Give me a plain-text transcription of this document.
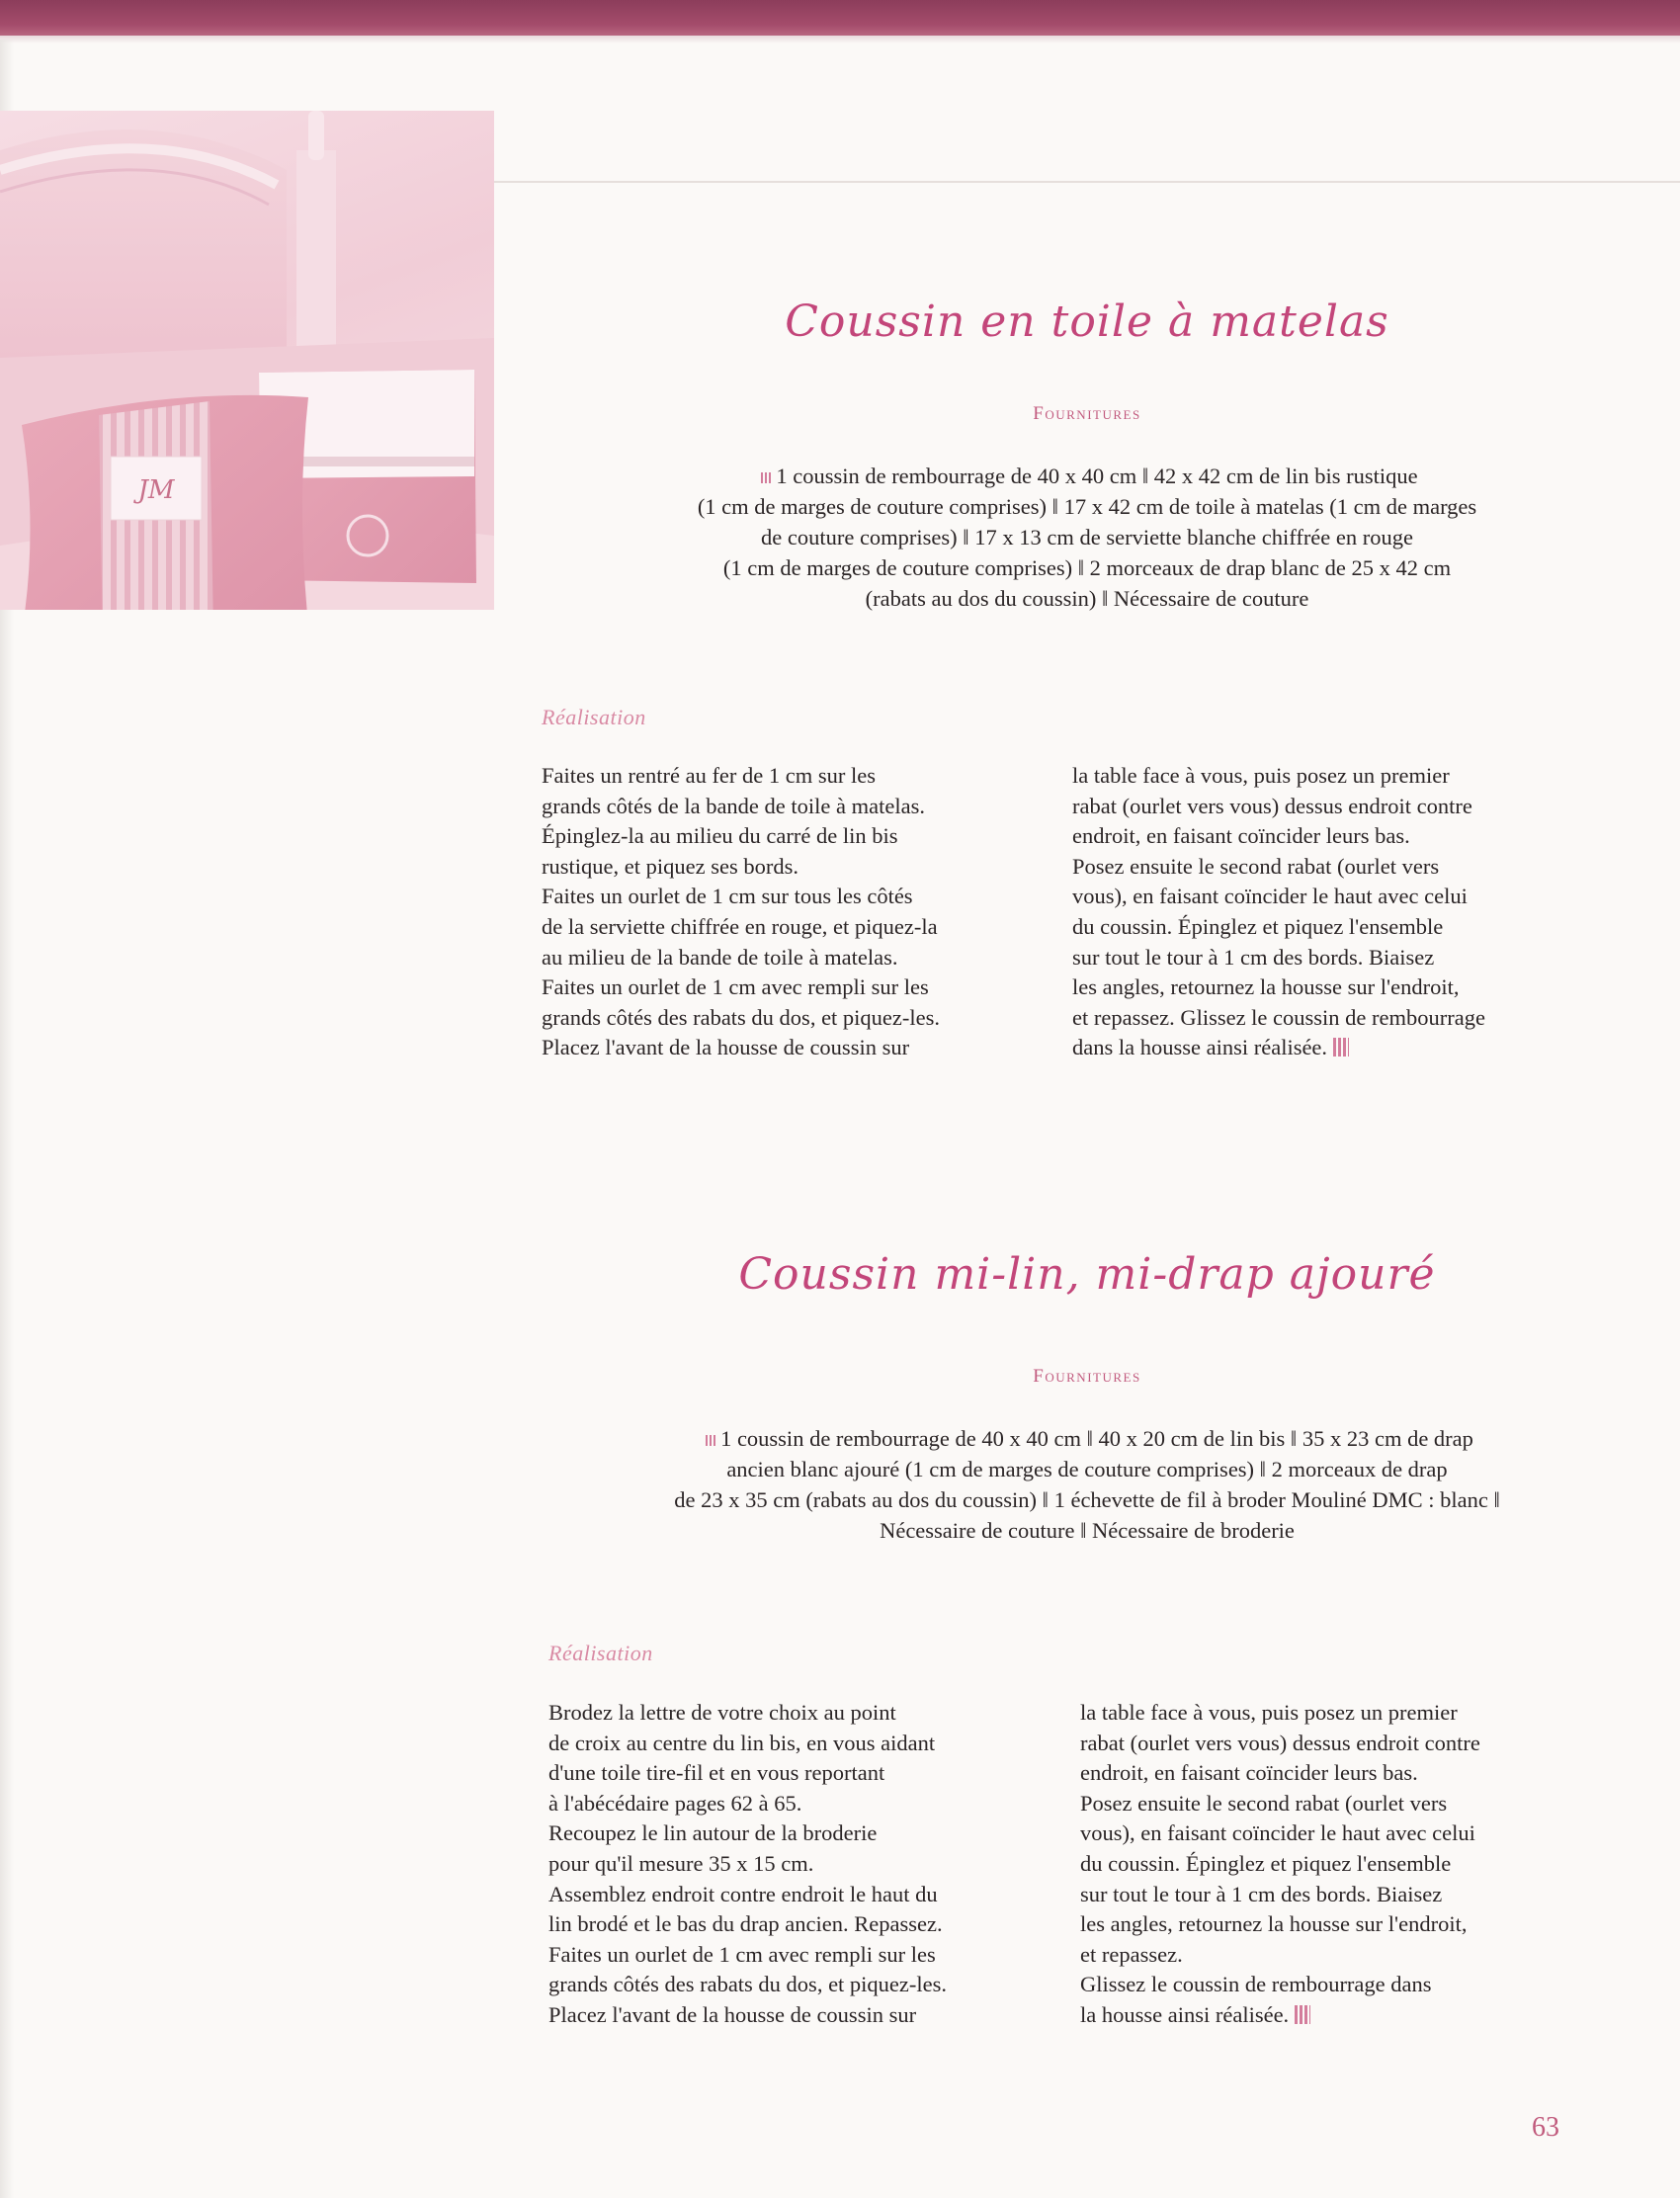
JM
Coussin en toile à matelas
Fournitures
1 coussin de rembourrage de 40 x 40 cm ‖ 42 x 42 cm de lin bis rustique
(1 cm de marges de couture comprises) ‖ 17 x 42 cm de toile à matelas (1 cm de marges
de couture comprises) ‖ 17 x 13 cm de serviette blanche chiffrée en rouge
(1 cm de marges de couture comprises) ‖ 2 morceaux de drap blanc de 25 x 42 cm
(rabats au dos du coussin) ‖ Nécessaire de couture
Réalisation
Faites un rentré au fer de 1 cm sur les
grands côtés de la bande de toile à matelas.
Épinglez-la au milieu du carré de lin bis
rustique, et piquez ses bords.
Faites un ourlet de 1 cm sur tous les côtés
de la serviette chiffrée en rouge, et piquez-la
au milieu de la bande de toile à matelas.
Faites un ourlet de 1 cm avec rempli sur les
grands côtés des rabats du dos, et piquez-les.
Placez l'avant de la housse de coussin sur
la table face à vous, puis posez un premier
rabat (ourlet vers vous) dessus endroit contre
endroit, en faisant coïncider leurs bas.
Posez ensuite le second rabat (ourlet vers
vous), en faisant coïncider le haut avec celui
du coussin. Épinglez et piquez l'ensemble
sur tout le tour à 1 cm des bords. Biaisez
les angles, retournez la housse sur l'endroit,
et repassez. Glissez le coussin de rembourrage
dans la housse ainsi réalisée.
Coussin mi-lin, mi-drap ajouré
Fournitures
1 coussin de rembourrage de 40 x 40 cm ‖ 40 x 20 cm de lin bis ‖ 35 x 23 cm de drap
ancien blanc ajouré (1 cm de marges de couture comprises) ‖ 2 morceaux de drap
de 23 x 35 cm (rabats au dos du coussin) ‖ 1 échevette de fil à broder Mouliné DMC : blanc ‖
Nécessaire de couture ‖ Nécessaire de broderie
Réalisation
Brodez la lettre de votre choix au point
de croix au centre du lin bis, en vous aidant
d'une toile tire-fil et en vous reportant
à l'abécédaire pages 62 à 65.
Recoupez le lin autour de la broderie
pour qu'il mesure 35 x 15 cm.
Assemblez endroit contre endroit le haut du
lin brodé et le bas du drap ancien. Repassez.
Faites un ourlet de 1 cm avec rempli sur les
grands côtés des rabats du dos, et piquez-les.
Placez l'avant de la housse de coussin sur
la table face à vous, puis posez un premier
rabat (ourlet vers vous) dessus endroit contre
endroit, en faisant coïncider leurs bas.
Posez ensuite le second rabat (ourlet vers
vous), en faisant coïncider le haut avec celui
du coussin. Épinglez et piquez l'ensemble
sur tout le tour à 1 cm des bords. Biaisez
les angles, retournez la housse sur l'endroit,
et repassez.
Glissez le coussin de rembourrage dans
la housse ainsi réalisée.
63
